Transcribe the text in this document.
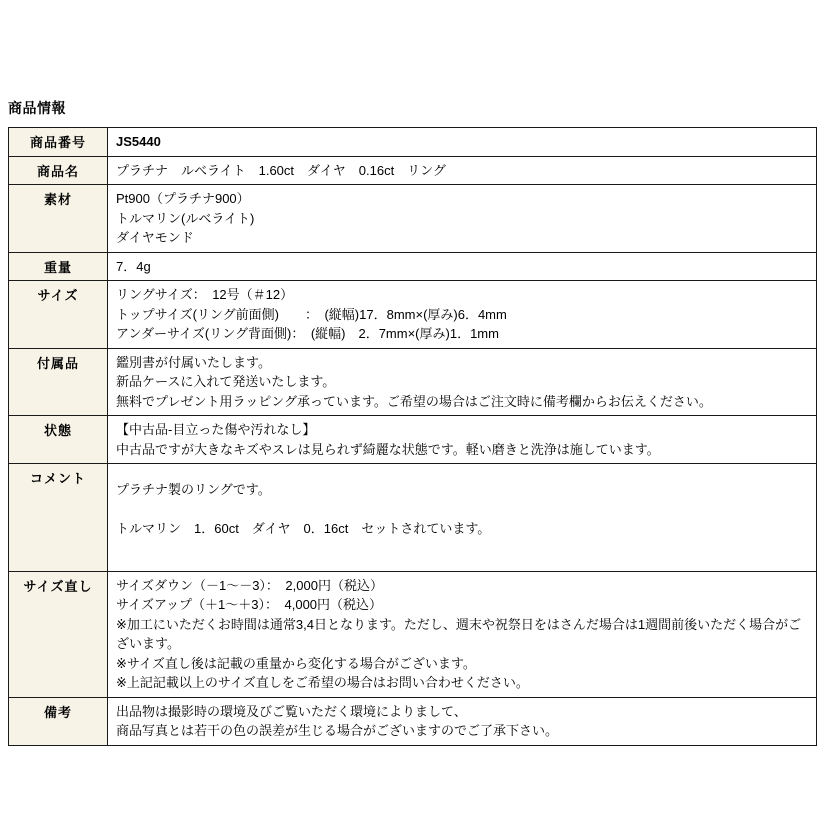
商品情報
商品番号	JS5440

商品名	プラチナ　ルベライト　1.60ct　ダイヤ　0.16ct　リング

素材	Pt900（プラチナ900）
トルマリン(ルベライト)
ダイヤモンド

重量	7．4g

サイズ	リングサイズ：　12号（＃12）
トップサイズ(リング前面側)　　：　(縦幅)17．8mm×(厚み)6．4mm
アンダーサイズ(リング背面側)：　(縦幅)　2．7mm×(厚み)1．1mm

付属品	鑑別書が付属いたします。
新品ケースに入れて発送いたします。
無料でプレゼント用ラッピング承っています。ご希望の場合はご注文時に備考欄からお伝えください。

状態	【中古品-目立った傷や汚れなし】
中古品ですが大きなキズやスレは見られず綺麗な状態です。軽い磨きと洗浄は施しています。

コメント	プラチナ製のリングです。
トルマリン　1．60ct　ダイヤ　0．16ct　セットされています。

サイズ直し	サイズダウン（－1～－3）：　2,000円（税込）
サイズアップ（＋1～＋3）：　4,000円（税込）
※加工にいただくお時間は通常3,4日となります。ただし、週末や祝祭日をはさんだ場合は1週間前後いただく場合がございます。
※サイズ直し後は記載の重量から変化する場合がございます。
※上記記載以上のサイズ直しをご希望の場合はお問い合わせください。

備考	出品物は撮影時の環境及びご覧いただく環境によりまして、
商品写真とは若干の色の誤差が生じる場合がございますのでご了承下さい。
